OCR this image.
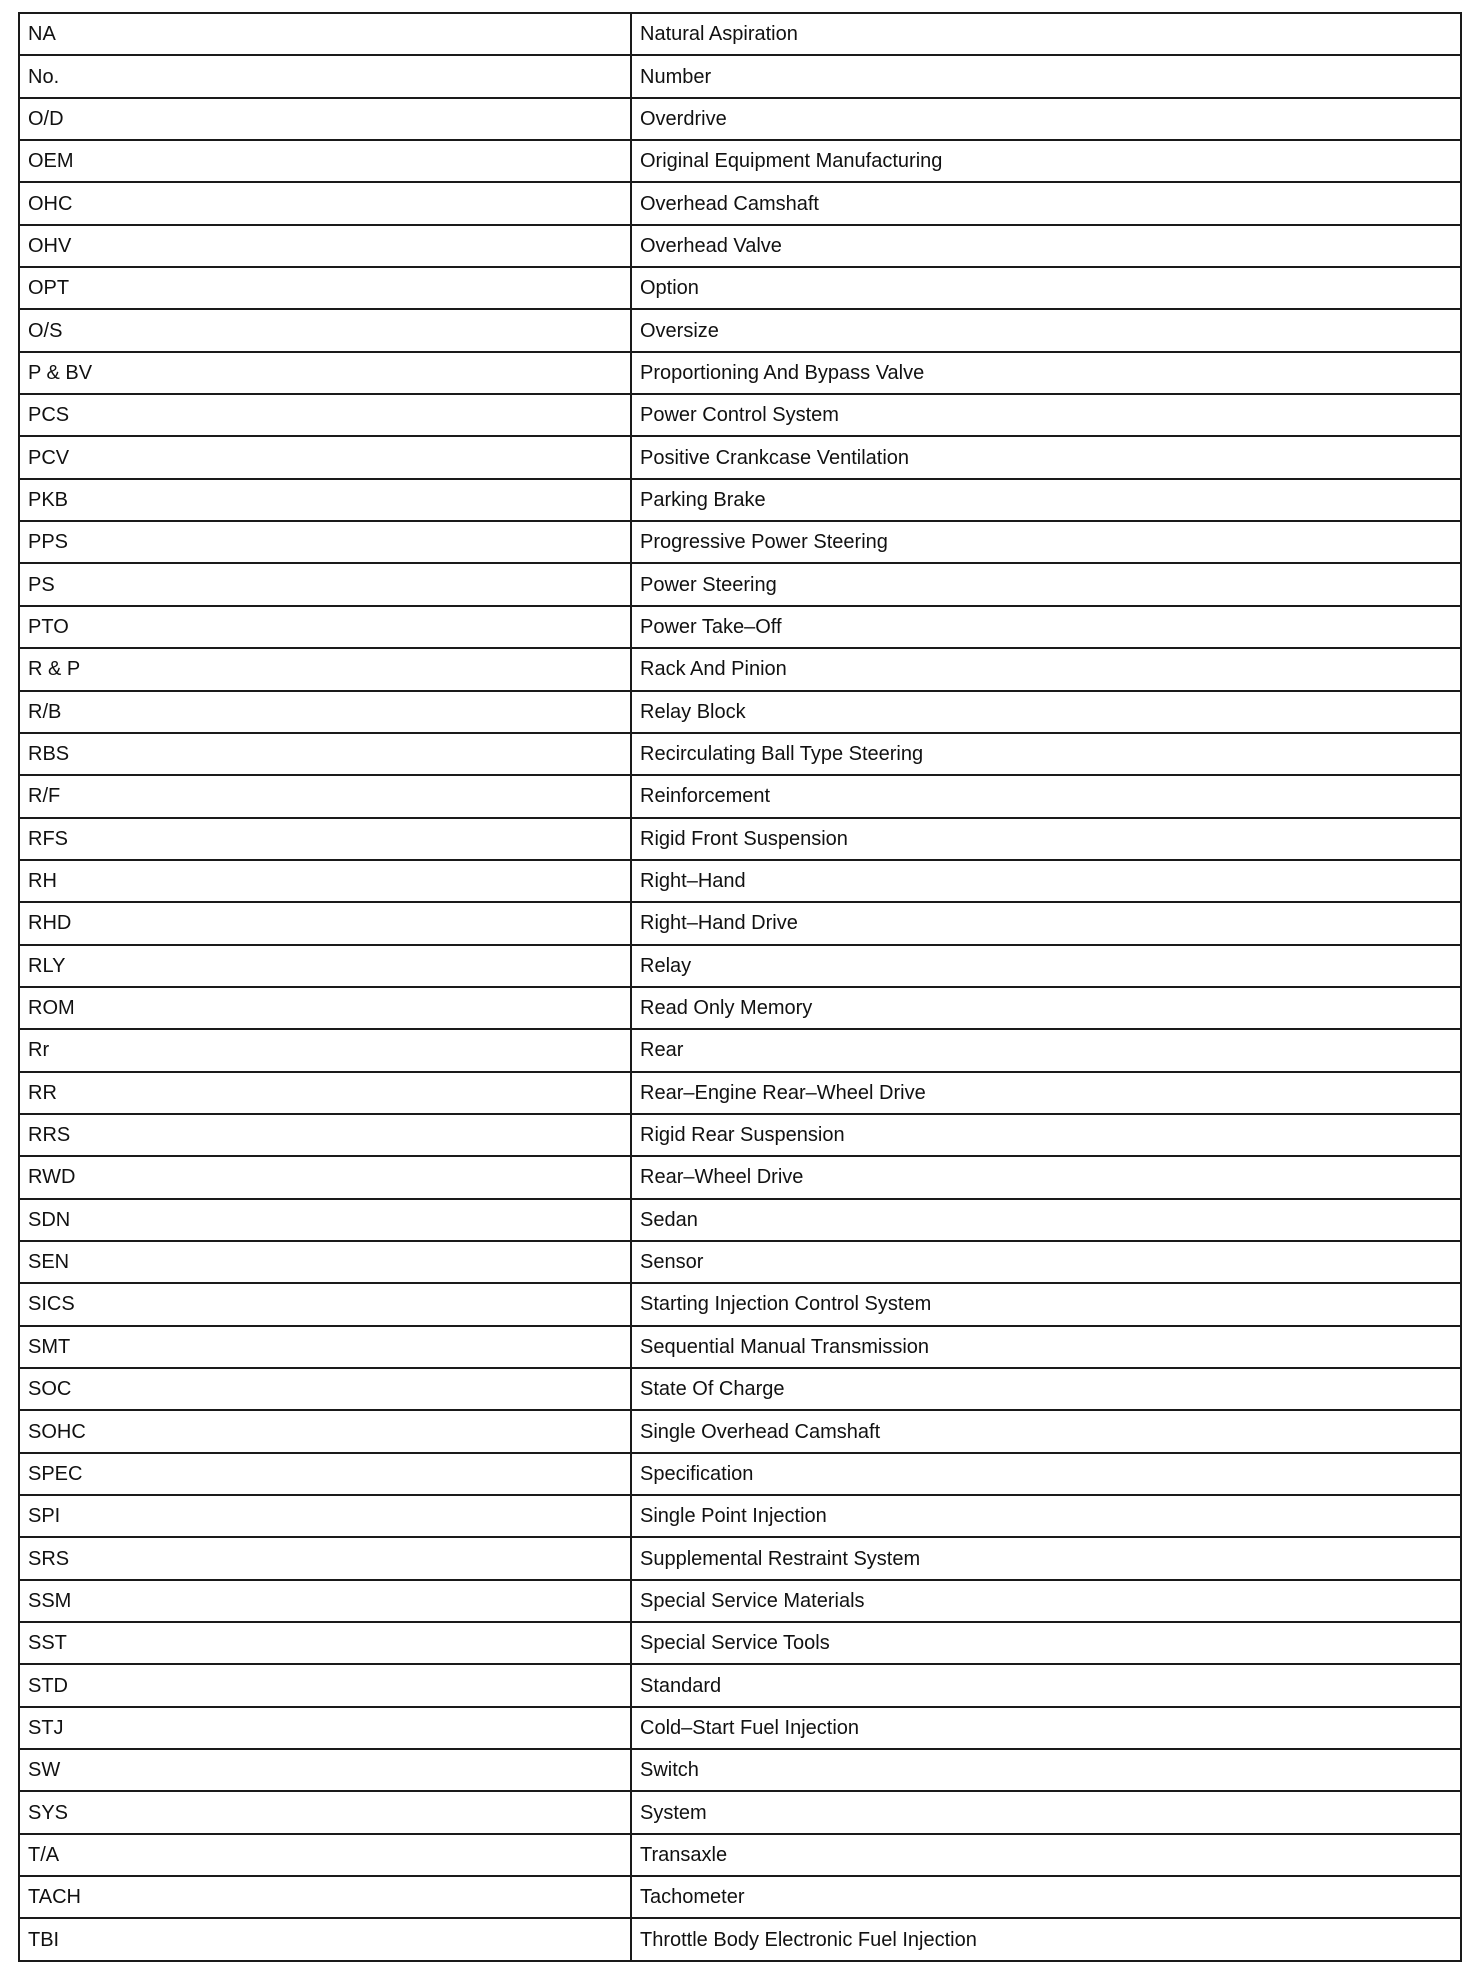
NA	Natural Aspiration
No.	Number
O/D	Overdrive
OEM	Original Equipment Manufacturing
OHC	Overhead Camshaft
OHV	Overhead Valve
OPT	Option
O/S	Oversize
P & BV	Proportioning And Bypass Valve
PCS	Power Control System
PCV	Positive Crankcase Ventilation
PKB	Parking Brake
PPS	Progressive Power Steering
PS	Power Steering
PTO	Power Take–Off
R & P	Rack And Pinion
R/B	Relay Block
RBS	Recirculating Ball Type Steering
R/F	Reinforcement
RFS	Rigid Front Suspension
RH	Right–Hand
RHD	Right–Hand Drive
RLY	Relay
ROM	Read Only Memory
Rr	Rear
RR	Rear–Engine Rear–Wheel Drive
RRS	Rigid Rear Suspension
RWD	Rear–Wheel Drive
SDN	Sedan
SEN	Sensor
SICS	Starting Injection Control System
SMT	Sequential Manual Transmission
SOC	State Of Charge
SOHC	Single Overhead Camshaft
SPEC	Specification
SPI	Single Point Injection
SRS	Supplemental Restraint System
SSM	Special Service Materials
SST	Special Service Tools
STD	Standard
STJ	Cold–Start Fuel Injection
SW	Switch
SYS	System
T/A	Transaxle
TACH	Tachometer
TBI	Throttle Body Electronic Fuel Injection
